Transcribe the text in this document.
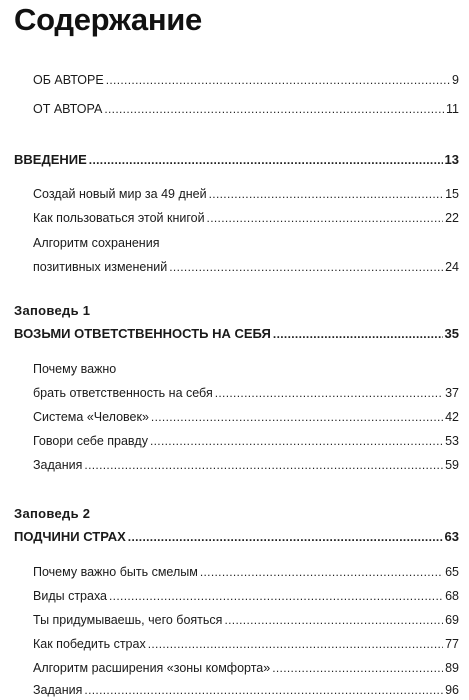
Содержание
ОБ АВТОРЕ . . .	9
ОТ АВТОРА . . .	11
ВВЕДЕНИЕ . . .	13
Создай новый мир за 49 дней . . .	15
Как пользоваться этой книгой . . .	22
Алгоритм сохранения
позитивных изменений . . .	24
Заповедь 1
ВОЗЬМИ ОТВЕТСТВЕННОСТЬ НА СЕБЯ . . .	35
Почему важно
брать ответственность на себя . . .	37
Система «Человек» . . .	42
Говори себе правду . . .	53
Задания . . .	59
Заповедь 2
ПОДЧИНИ СТРАХ . . .	63
Почему важно быть смелым . . .	65
Виды страха . . .	68
Ты придумываешь, чего бояться . . .	69
Как победить страх . . .	77
Алгоритм расширения «зоны комфорта» . . .	89
Задания . . .	96
